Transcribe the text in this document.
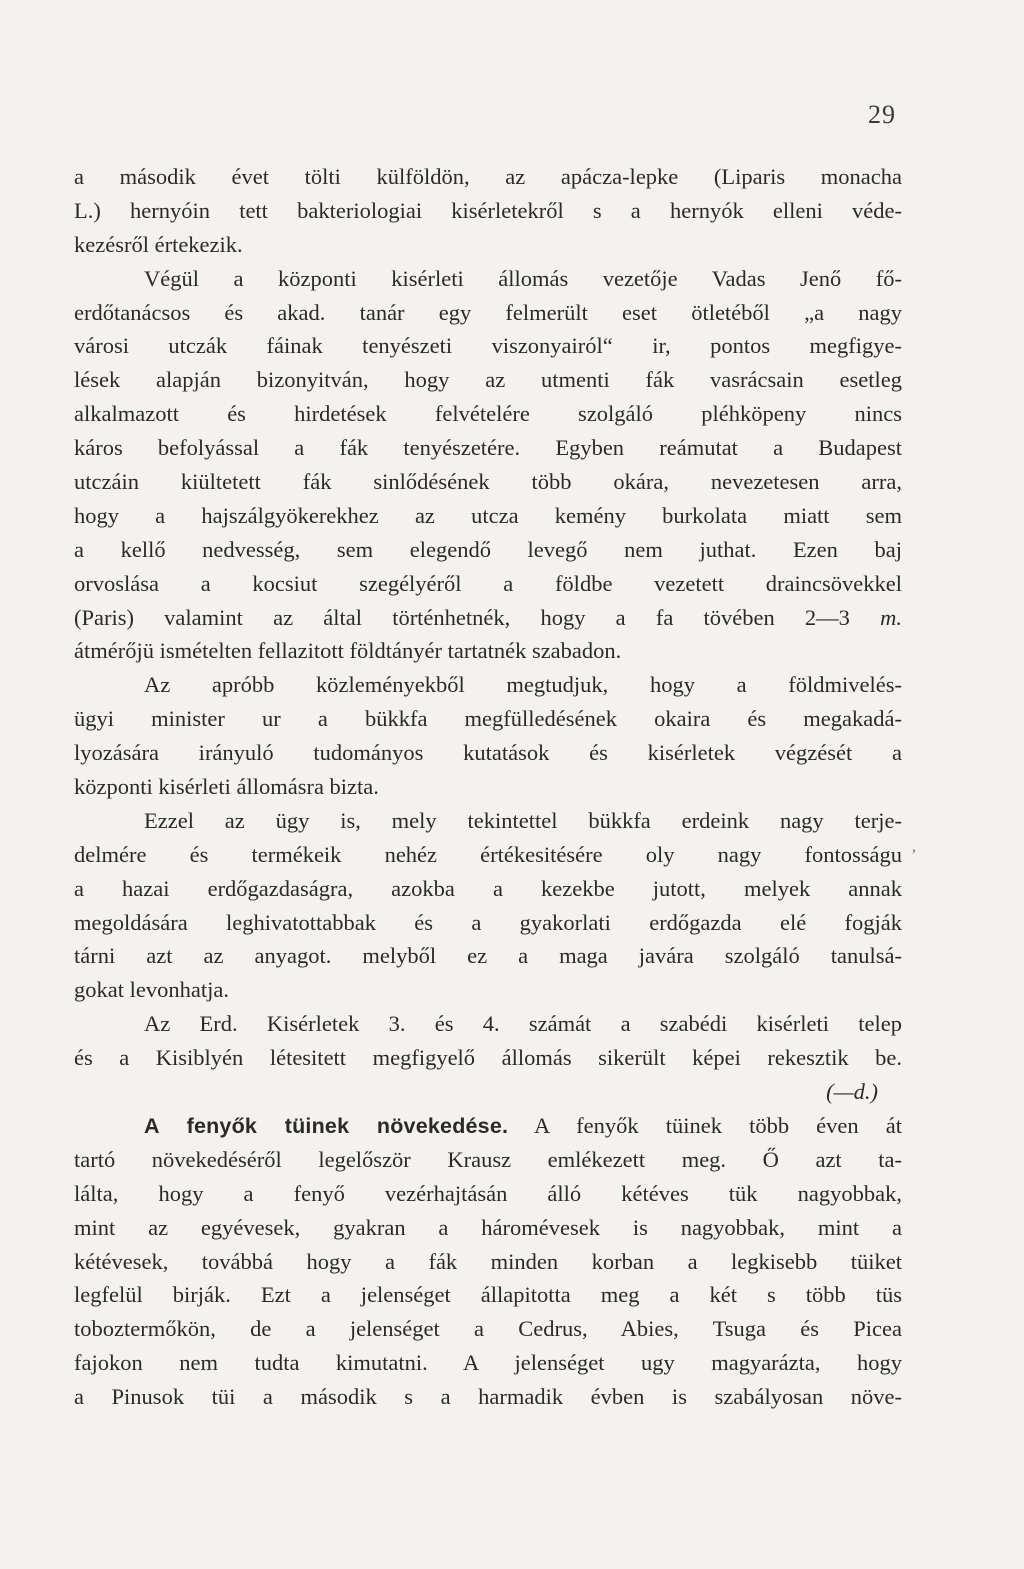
29
,
a második évet tölti külföldön, az apácza-lepke (Liparis monacha
L.) hernyóin tett bakteriologiai kisérletekről s a hernyók elleni véde-
kezésről értekezik.
Végül a központi kisérleti állomás vezetője Vadas Jenő fő-
erdőtanácsos és akad. tanár egy felmerült eset ötletéből „a nagy
városi utczák fáinak tenyészeti viszonyairól“ ir, pontos megfigye-
lések alapján bizonyitván, hogy az utmenti fák vasrácsain esetleg
alkalmazott és hirdetések felvételére szolgáló pléhköpeny nincs
káros befolyással a fák tenyészetére. Egyben reámutat a Budapest
utczáin kiültetett fák sinlődésének több okára, nevezetesen arra,
hogy a hajszálgyökerekhez az utcza kemény burkolata miatt sem
a kellő nedvesség, sem elegendő levegő nem juthat. Ezen baj
orvoslása a kocsiut szegélyéről a földbe vezetett draincsövekkel
(Paris) valamint az által történhetnék, hogy a fa tövében 2—3 m.
átmérőjü ismételten fellazitott földtányér tartatnék szabadon.
Az apróbb közleményekből megtudjuk, hogy a földmivelés-
ügyi minister ur a bükkfa megfülledésének okaira és megakadá-
lyozására irányuló tudományos kutatások és kisérletek végzését a
központi kisérleti állomásra bizta.
Ezzel az ügy is, mely tekintettel bükkfa erdeink nagy terje-
delmére és termékeik nehéz értékesitésére oly nagy fontosságu
a hazai erdőgazdaságra, azokba a kezekbe jutott, melyek annak
megoldására leghivatottabbak és a gyakorlati erdőgazda elé fogják
tárni azt az anyagot. melyből ez a maga javára szolgáló tanulsá-
gokat levonhatja.
Az Erd. Kisérletek 3. és 4. számát a szabédi kisérleti telep
és a Kisiblyén létesitett megfigyelő állomás sikerült képei rekesztik be.
(—d.)
A fenyők tüinek növekedése. A fenyők tüinek több éven át
tartó növekedéséről legelőször Krausz emlékezett meg. Ő azt ta-
lálta, hogy a fenyő vezérhajtásán álló kétéves tük nagyobbak,
mint az egyévesek, gyakran a háromévesek is nagyobbak, mint a
kétévesek, továbbá hogy a fák minden korban a legkisebb tüiket
legfelül birják. Ezt a jelenséget állapitotta meg a két s több tüs
toboztermőkön, de a jelenséget a Cedrus, Abies, Tsuga és Picea
fajokon nem tudta kimutatni. A jelenséget ugy magyarázta, hogy
a Pinusok tüi a második s a harmadik évben is szabályosan növe-
